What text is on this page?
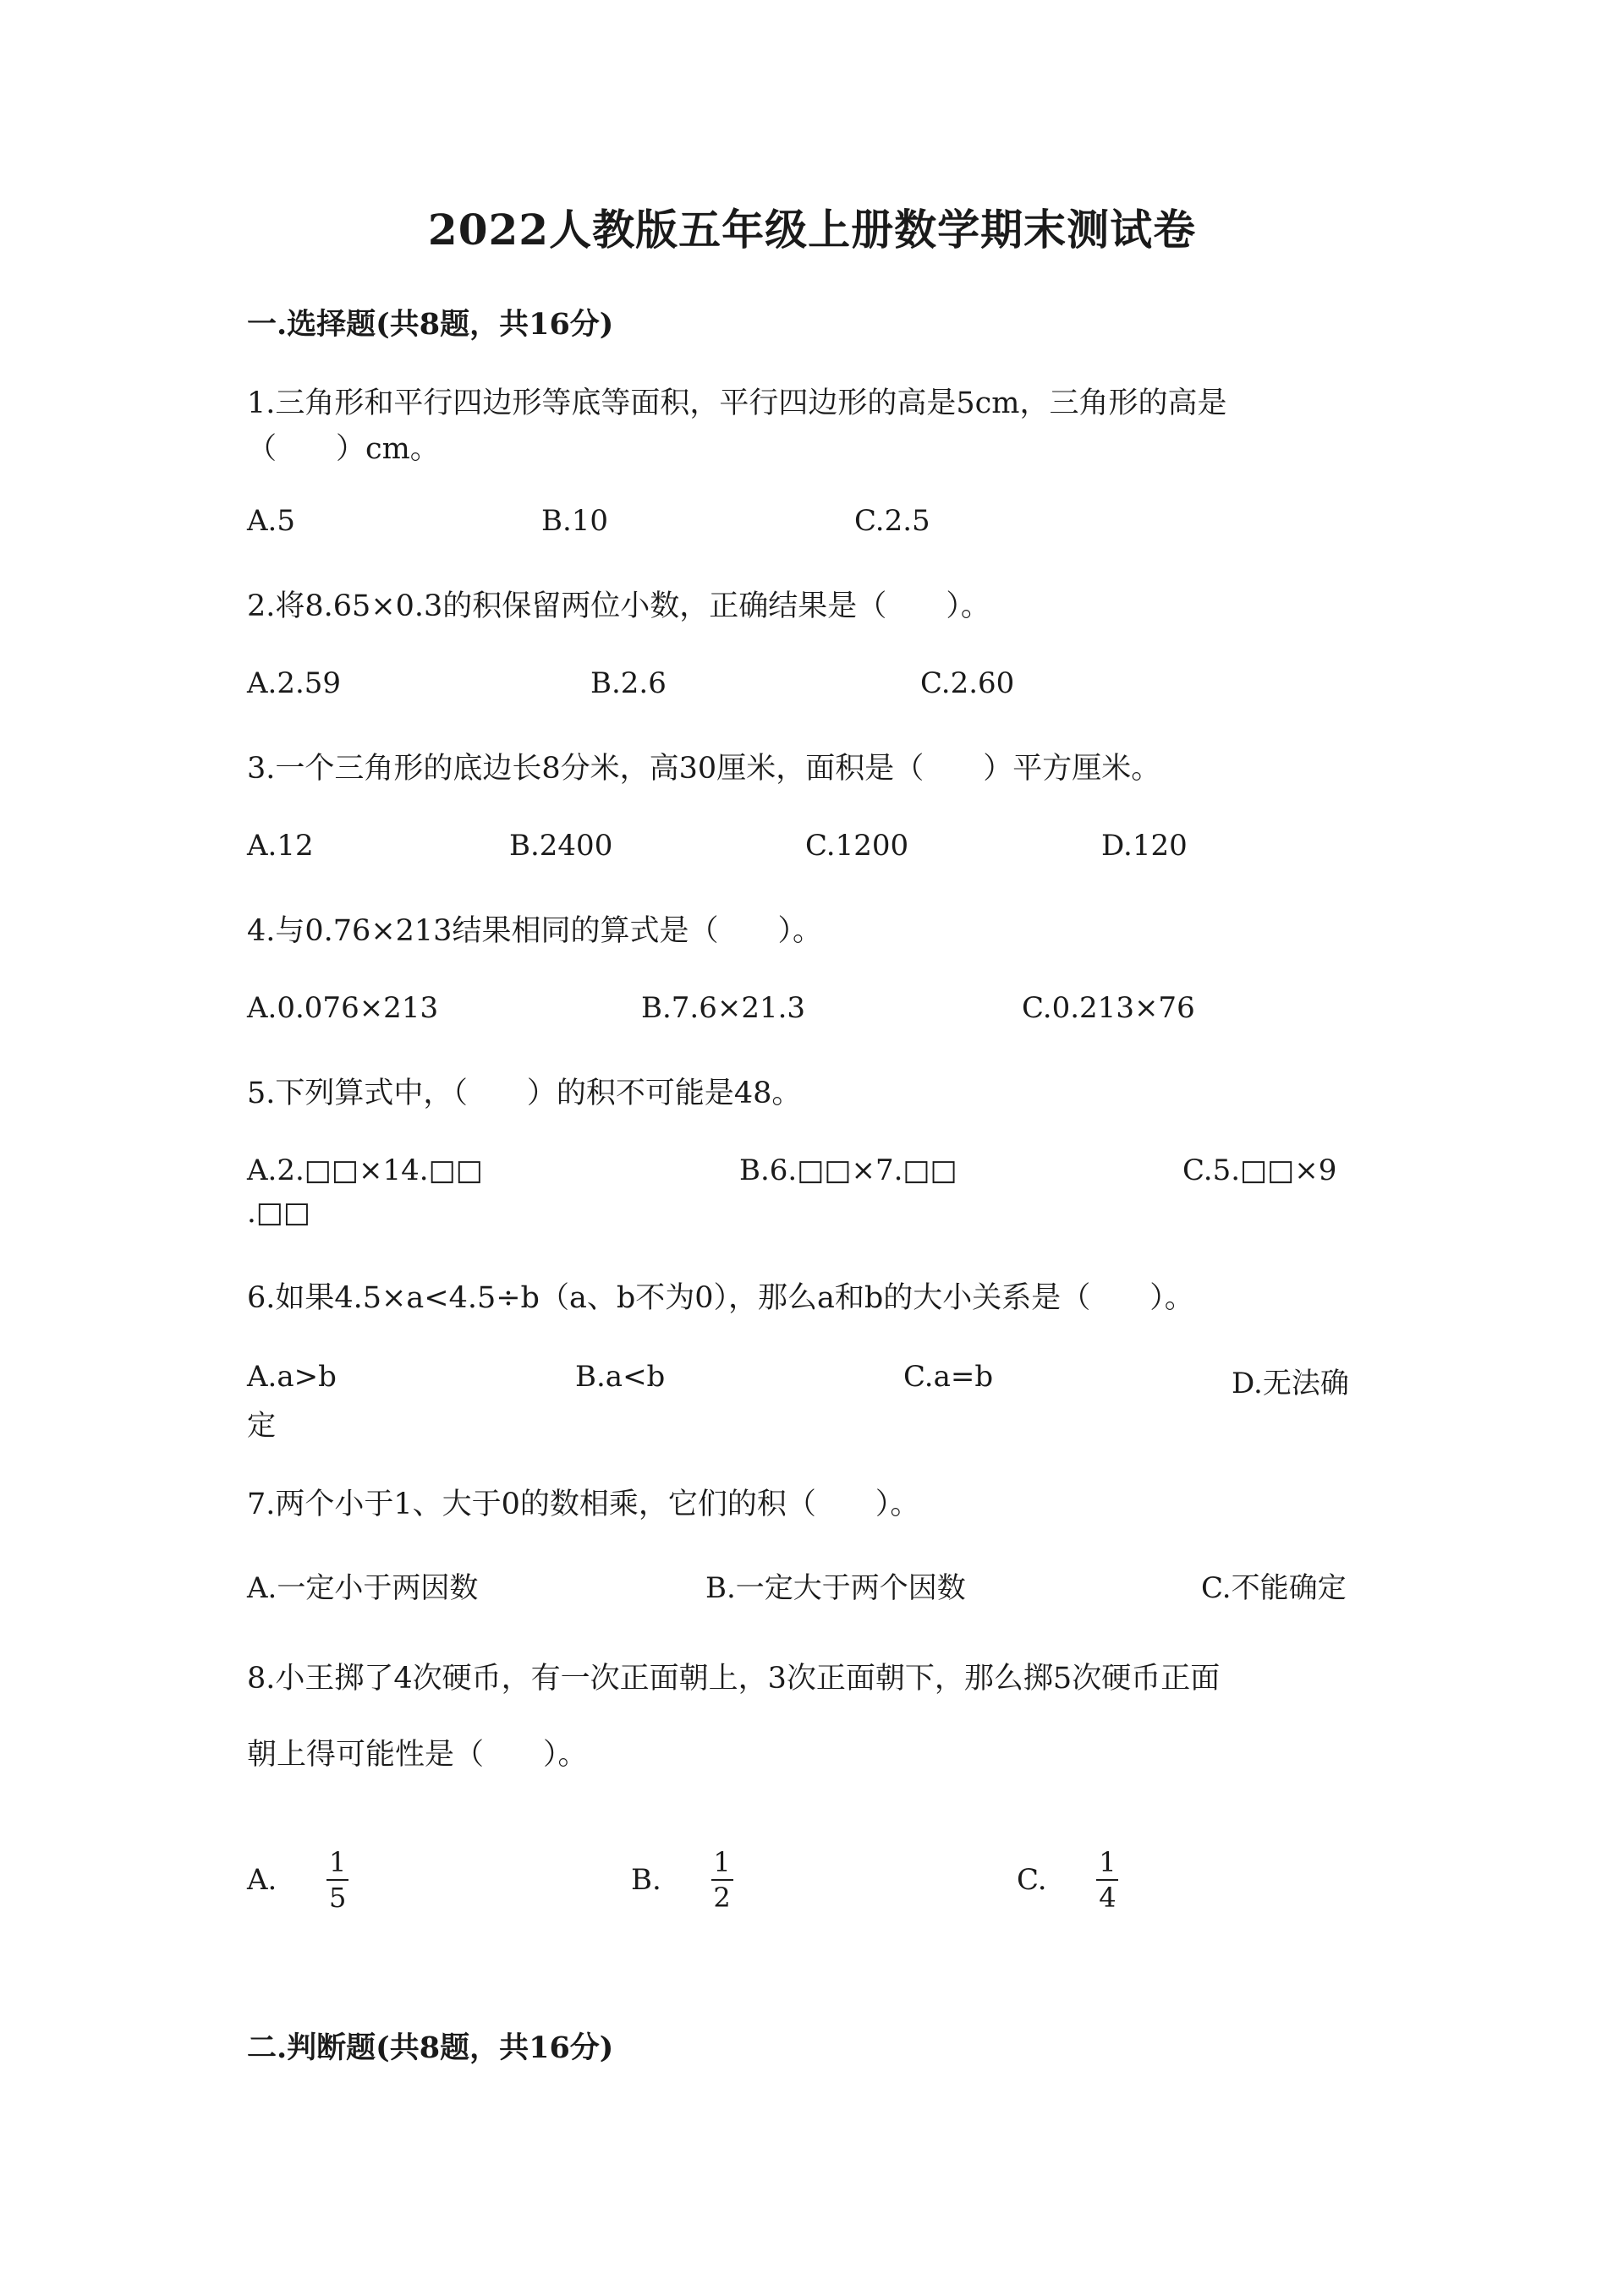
2022人教版五年级上册数学期末测试卷
一.选择题(共8题，共16分)
1.三角形和平行四边形等底等面积，平行四边形的高是5cm，三角形的高是
（　　）cm。
A.5	B.10	C.2.5
2.将8.65×0.3的积保留两位小数，正确结果是（　　）。
A.2.59	B.2.6	C.2.60
3.一个三角形的底边长8分米，高30厘米，面积是（　　）平方厘米。
A.12	B.2400	C.1200	D.120
4.与0.76×213结果相同的算式是（　　）。
A.0.076×213	B.7.6×21.3	C.0.213×76
5.下列算式中，（　　）的积不可能是48。
A.2.□□×14.□□	B.6.□□×7.□□	C.5.□□×9
.□□
6.如果4.5×a<4.5÷b（a、b不为0），那么a和b的大小关系是（　　）。
A.a>b	B.a<b	C.a=b	D.无法确
定
7.两个小于1、大于0的数相乘，它们的积（　　）。
A.一定小于两因数	B.一定大于两个因数	C.不能确定
8.小王掷了4次硬币，有一次正面朝上，3次正面朝下，那么掷5次硬币正面
朝上得可能性是（　　）。
A. $\frac{1}{5}$	B. $\frac{1}{2}$	C. $\frac{1}{4}$
二.判断题(共8题，共16分)
